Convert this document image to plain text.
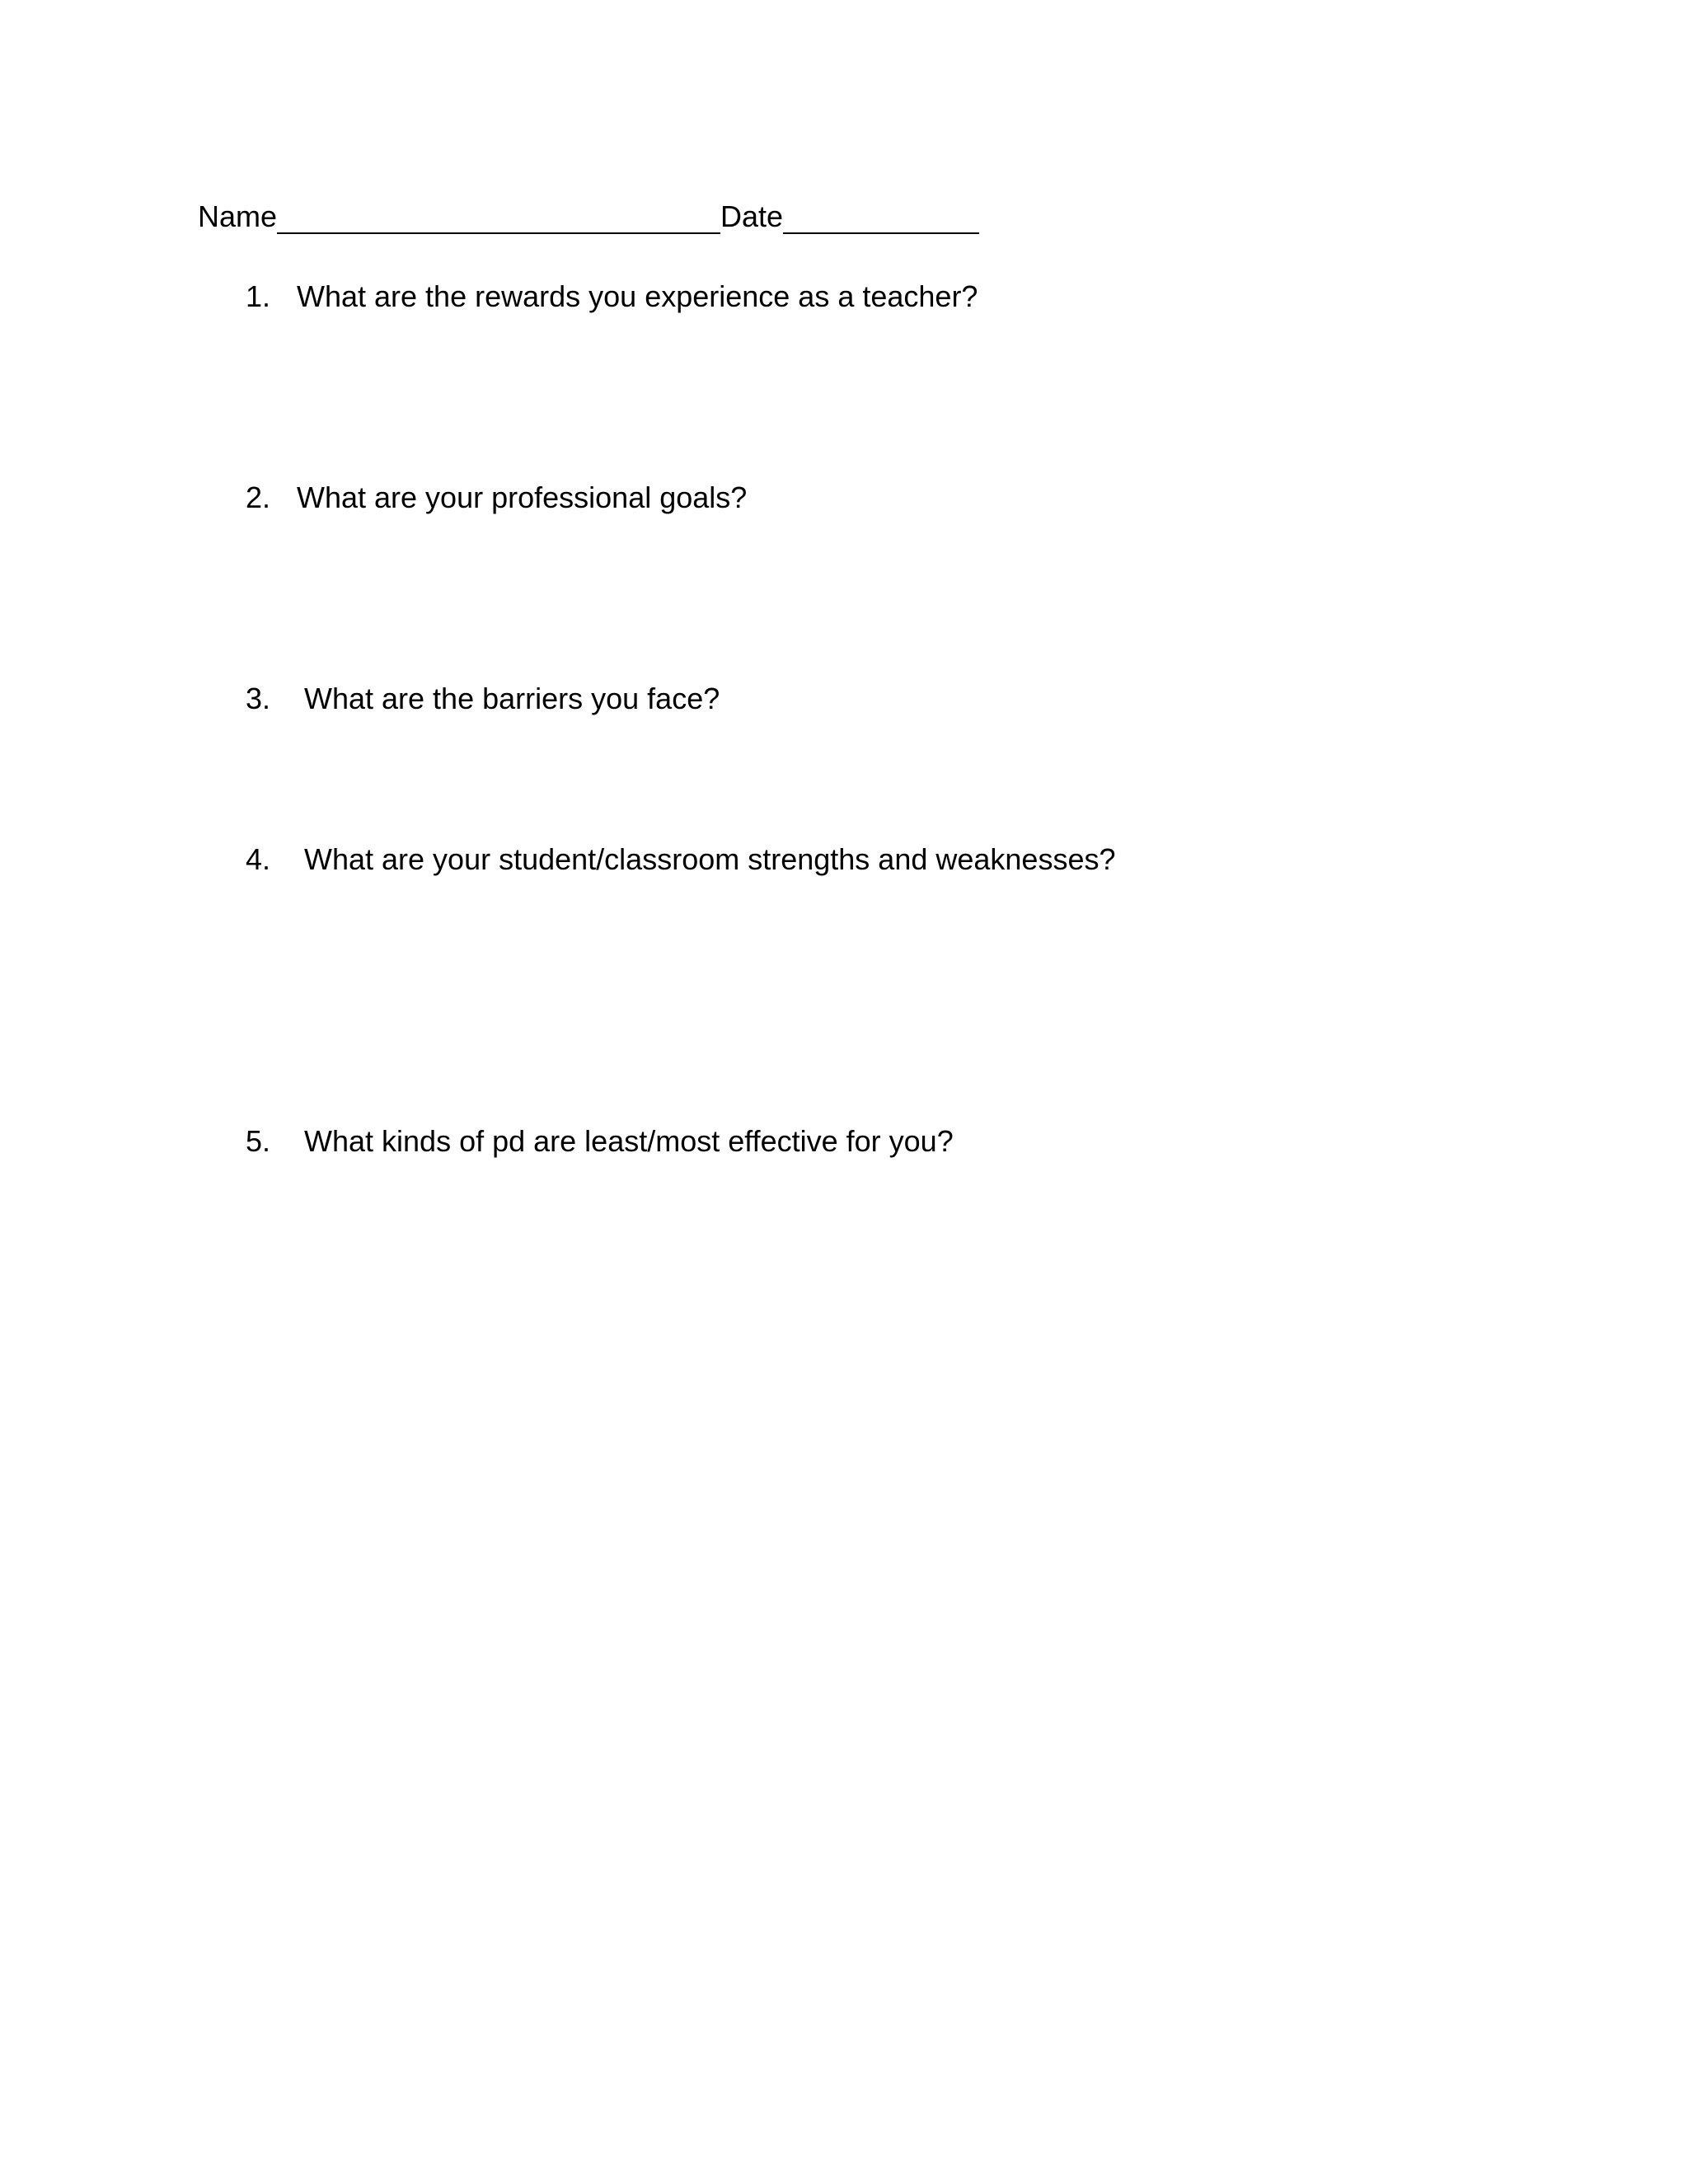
Name	Date
1. What are the rewards you experience as a teacher?
2. What are your professional goals?
3. What are the barriers you face?
4. What are your student/classroom strengths and weaknesses?
5. What kinds of pd are least/most effective for you?
